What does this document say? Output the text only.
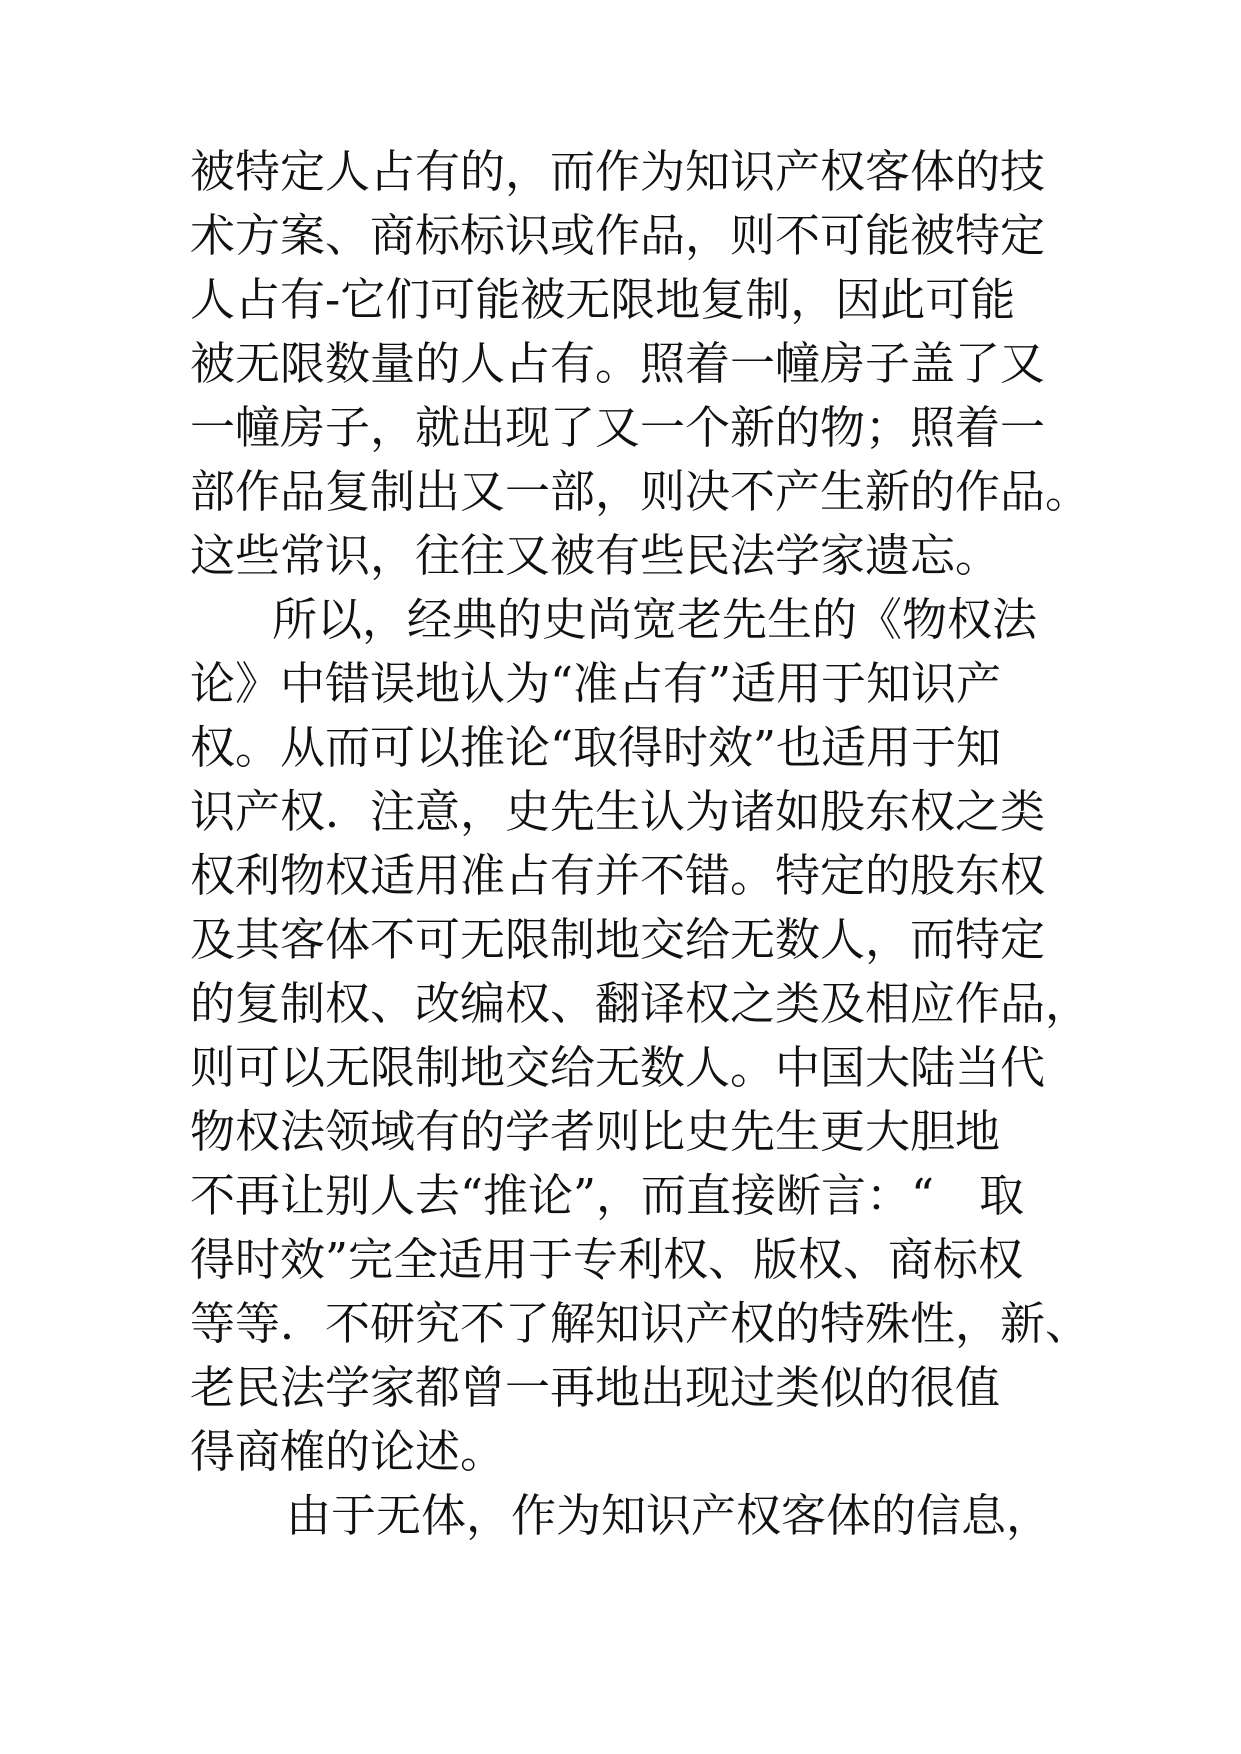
被特定人占有的，而作为知识产权客体的技
术方案、商标标识或作品，则不可能被特定
人占有-它们可能被无限地复制，因此可能
被无限数量的人占有。照着一幢房子盖了又
一幢房子，就出现了又一个新的物；照着一
部作品复制出又一部，则决不产生新的作品。
这些常识，往往又被有些民法学家遗忘。
所以，经典的史尚宽老先生的《物权法
论》中错误地认为“准占有”适用于知识产
权。从而可以推论“取得时效”也适用于知
识产权．注意，史先生认为诸如股东权之类
权利物权适用准占有并不错。特定的股东权
及其客体不可无限制地交给无数人，而特定
的复制权、改编权、翻译权之类及相应作品，
则可以无限制地交给无数人。中国大陆当代
物权法领域有的学者则比史先生更大胆地
不再让别人去“推论”，而直接断言：“　取
得时效”完全适用于专利权、版权、商标权
等等．不研究不了解知识产权的特殊性，新、
老民法学家都曾一再地出现过类似的很值
得商榷的论述。
由于无体，作为知识产权客体的信息，
